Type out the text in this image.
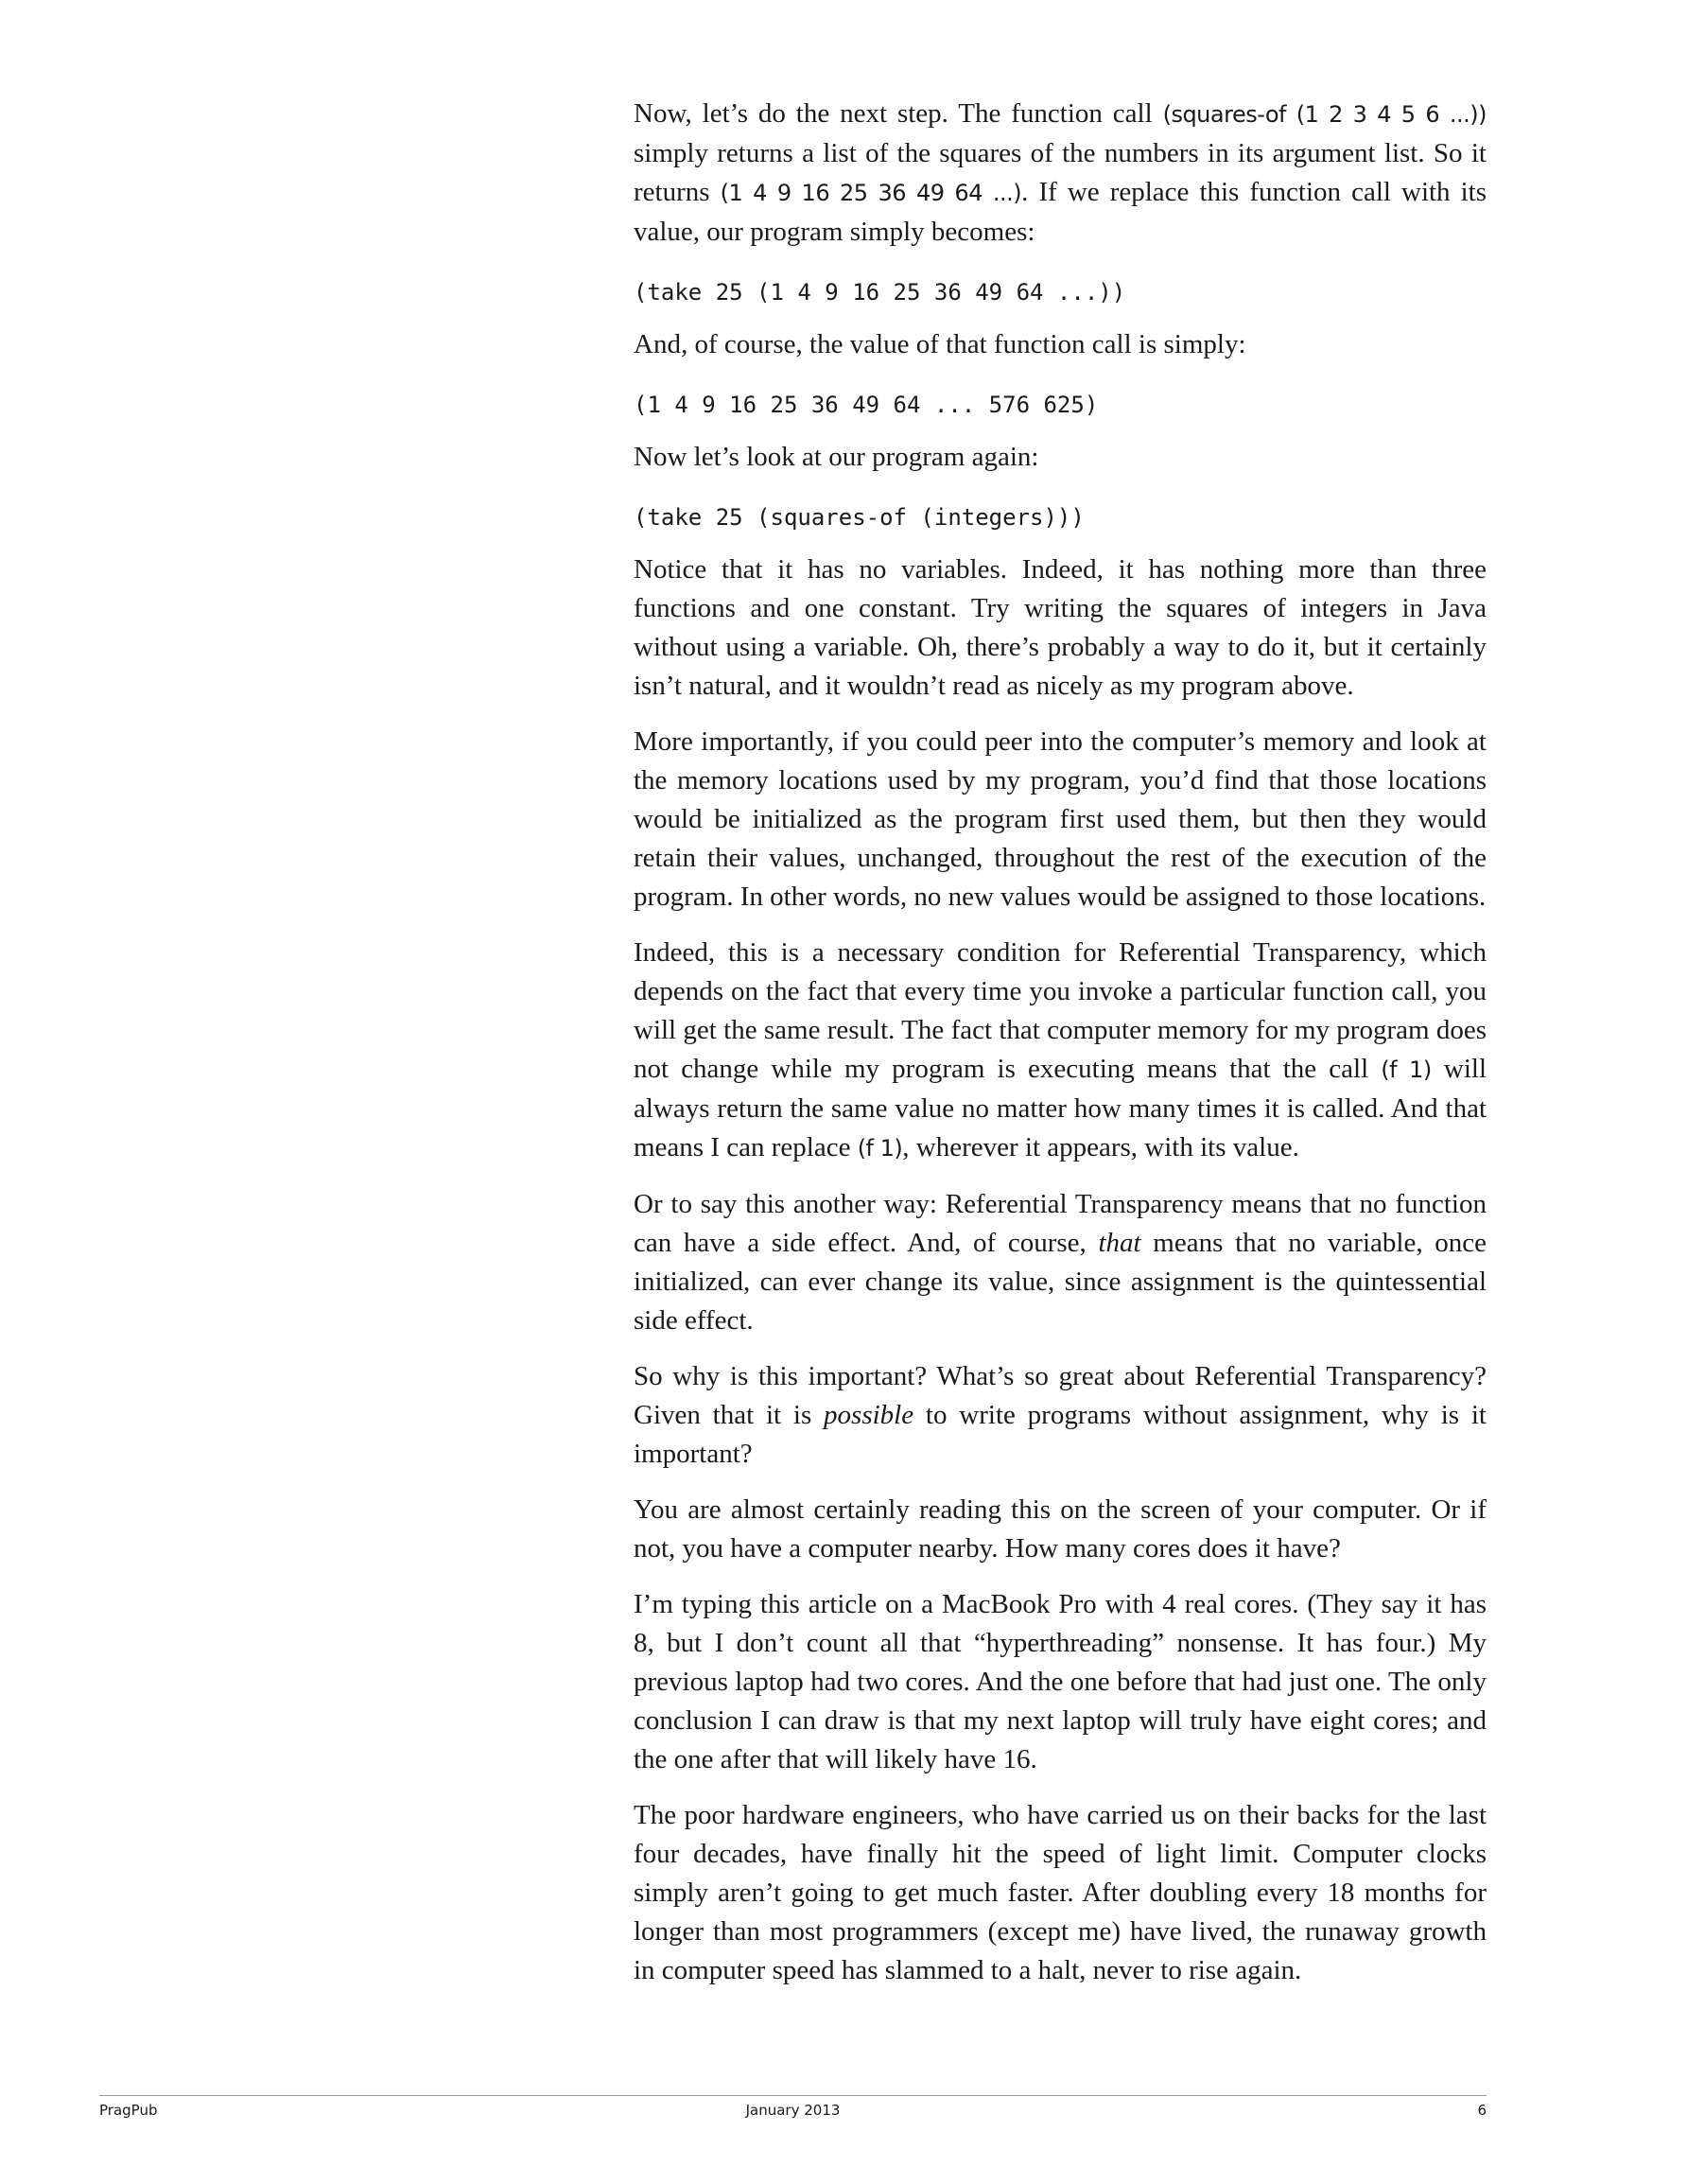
Now, let’s do the next step. The function call (squares-of (1 2 3 4 5 6 ...)) simply returns a list of the squares of the numbers in its argument list. So it returns (1 4 9 16 25 36 49 64 ...). If we replace this function call with its value, our program simply becomes:

(take 25 (1 4 9 16 25 36 49 64 ...))

And, of course, the value of that function call is simply:

(1 4 9 16 25 36 49 64 ... 576 625)

Now let’s look at our program again:

(take 25 (squares-of (integers)))

Notice that it has no variables. Indeed, it has nothing more than three functions and one constant. Try writing the squares of integers in Java without using a variable. Oh, there’s probably a way to do it, but it certainly isn’t natural, and it wouldn’t read as nicely as my program above.

More importantly, if you could peer into the computer’s memory and look at the memory locations used by my program, you’d find that those locations would be initialized as the program first used them, but then they would retain their values, unchanged, throughout the rest of the execution of the program. In other words, no new values would be assigned to those locations.

Indeed, this is a necessary condition for Referential Transparency, which depends on the fact that every time you invoke a particular function call, you will get the same result. The fact that computer memory for my program does not change while my program is executing means that the call (f 1) will always return the same value no matter how many times it is called. And that means I can replace (f 1), wherever it appears, with its value.

Or to say this another way: Referential Transparency means that no function can have a side effect. And, of course, that means that no variable, once initialized, can ever change its value, since assignment is the quintessential side effect.

So why is this important? What’s so great about Referential Transparency? Given that it is possible to write programs without assignment, why is it important?

You are almost certainly reading this on the screen of your computer. Or if not, you have a computer nearby. How many cores does it have?

I’m typing this article on a MacBook Pro with 4 real cores. (They say it has 8, but I don’t count all that “hyperthreading” nonsense. It has four.) My previous laptop had two cores. And the one before that had just one. The only conclusion I can draw is that my next laptop will truly have eight cores; and the one after that will likely have 16.

The poor hardware engineers, who have carried us on their backs for the last four decades, have finally hit the speed of light limit. Computer clocks simply aren’t going to get much faster. After doubling every 18 months for longer than most programmers (except me) have lived, the runaway growth in computer speed has slammed to a halt, never to rise again.

PragPub	January 2013	6
